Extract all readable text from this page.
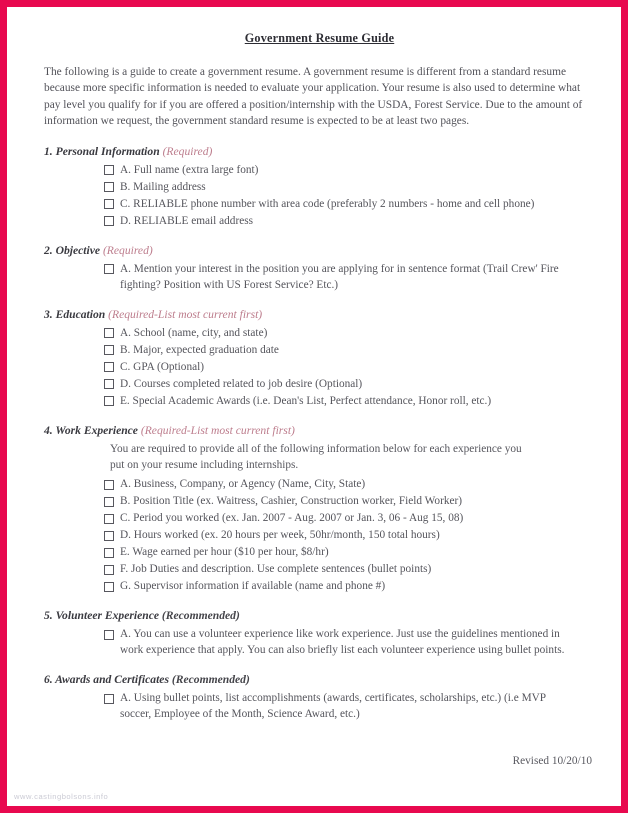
Government Resume Guide
The following is a guide to create a government resume. A government resume is different from a standard resume because more specific information is needed to evaluate your application. Your resume is also used to determine what pay level you qualify for if you are offered a position/internship with the USDA, Forest Service. Due to the amount of information we request, the government standard resume is expected to be at least two pages.
1. Personal Information (Required)
A. Full name (extra large font)
B. Mailing address
C. RELIABLE phone number with area code (preferably 2 numbers - home and cell phone)
D. RELIABLE email address
2. Objective (Required)
A. Mention your interest in the position you are applying for in sentence format (Trail Crew' Fire fighting? Position with US Forest Service? Etc.)
3. Education (Required-List most current first)
A. School (name, city, and state)
B. Major, expected graduation date
C. GPA (Optional)
D. Courses completed related to job desire (Optional)
E. Special Academic Awards (i.e. Dean's List, Perfect attendance, Honor roll, etc.)
4. Work Experience (Required-List most current first)
You are required to provide all of the following information below for each experience you put on your resume including internships.
A. Business, Company, or Agency (Name, City, State)
B. Position Title (ex. Waitress, Cashier, Construction worker, Field Worker)
C. Period you worked (ex. Jan. 2007 - Aug. 2007 or Jan. 3, 06 - Aug 15, 08)
D. Hours worked (ex. 20 hours per week, 50hr/month, 150 total hours)
E. Wage earned per hour ($10 per hour, $8/hr)
F. Job Duties and description. Use complete sentences (bullet points)
G. Supervisor information if available (name and phone #)
5. Volunteer Experience (Recommended)
A. You can use a volunteer experience like work experience. Just use the guidelines mentioned in work experience that apply. You can also briefly list each volunteer experience using bullet points.
6. Awards and Certificates (Recommended)
A. Using bullet points, list accomplishments (awards, certificates, scholarships, etc.) (i.e MVP soccer, Employee of the Month, Science Award, etc.)
Revised 10/20/10
www.castingbolsons.info
